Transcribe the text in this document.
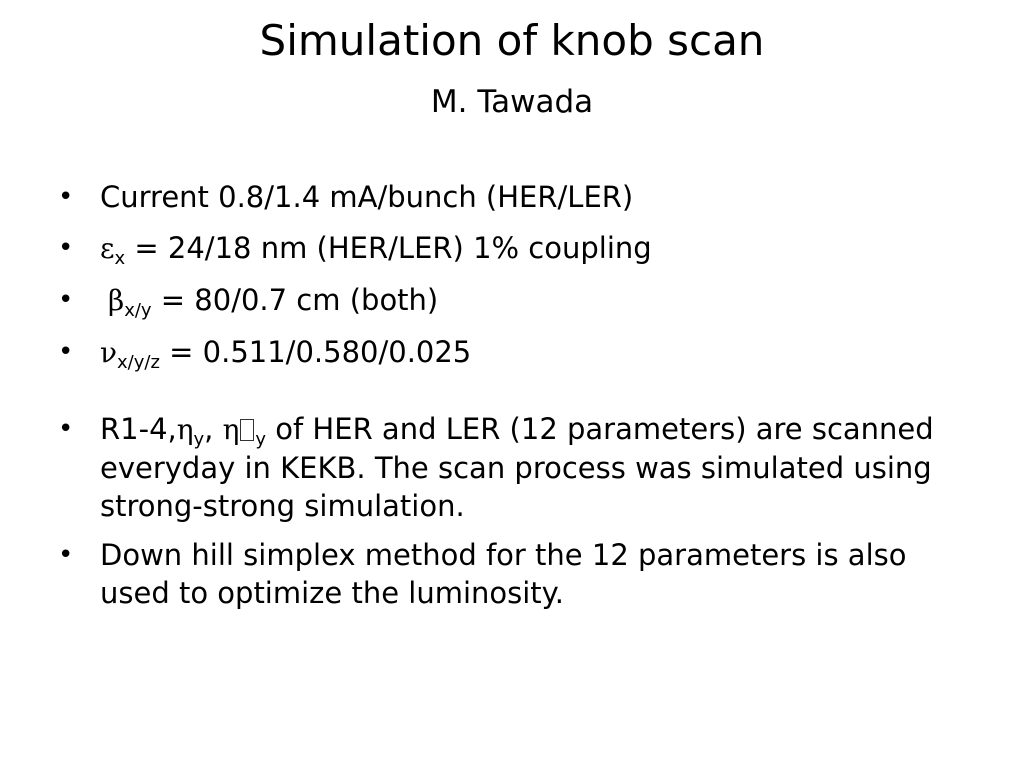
Simulation of knob scan
M. Tawada
• Current 0.8/1.4 mA/bunch (HER/LER)
• $\varepsilon_x = 24/18$ nm (HER/LER) 1% coupling
•	$\beta_{x/y} = 80/0.7$ cm (both)
• $\nu_{x/y/z} = 0.511/0.580/0.025$
• $R1-4,\eta_y$, η $_y$ of HER and LER (12 parameters) are scanned everyday in KEKB. The scan process was simulated using strong-strong simulation.
• Down hill simplex method for the 12 parameters is also used to optimize the luminosity.
